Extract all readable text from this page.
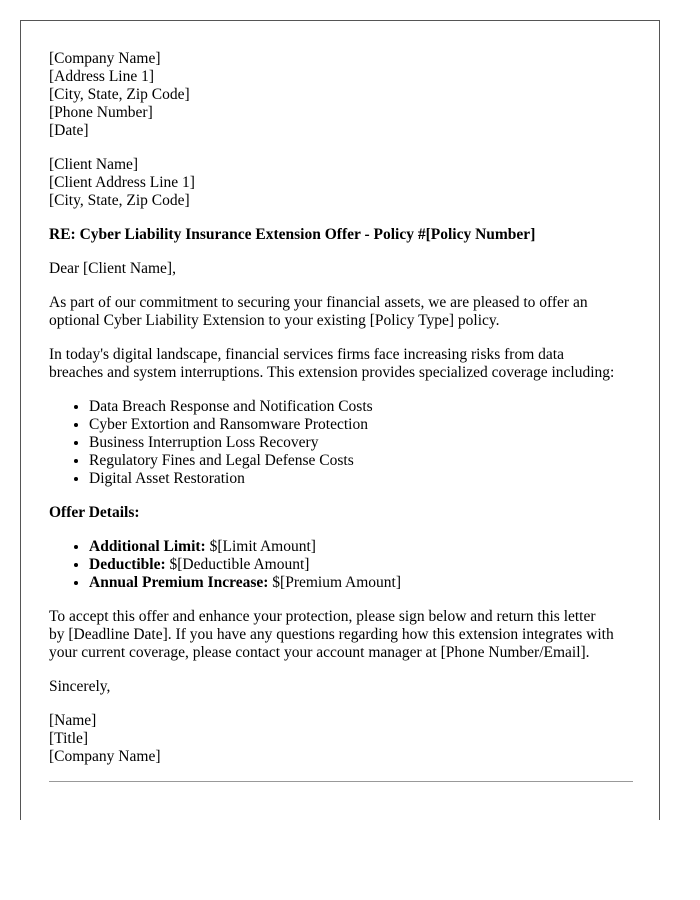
[Company Name]
[Address Line 1]
[City, State, Zip Code]
[Phone Number]
[Date]
[Client Name]
[Client Address Line 1]
[City, State, Zip Code]

RE: Cyber Liability Insurance Extension Offer - Policy #[Policy Number]

Dear [Client Name],

As part of our commitment to securing your financial assets, we are pleased to offer an
optional Cyber Liability Extension to your existing [Policy Type] policy.

In today's digital landscape, financial services firms face increasing risks from data
breaches and system interruptions. This extension provides specialized coverage including:

• Data Breach Response and Notification Costs
• Cyber Extortion and Ransomware Protection
• Business Interruption Loss Recovery
• Regulatory Fines and Legal Defense Costs
• Digital Asset Restoration

Offer Details:

• Additional Limit: $[Limit Amount]
• Deductible: $[Deductible Amount]
• Annual Premium Increase: $[Premium Amount]

To accept this offer and enhance your protection, please sign below and return this letter
by [Deadline Date]. If you have any questions regarding how this extension integrates with
your current coverage, please contact your account manager at [Phone Number/Email].

Sincerely,

[Name]
[Title]
[Company Name]
